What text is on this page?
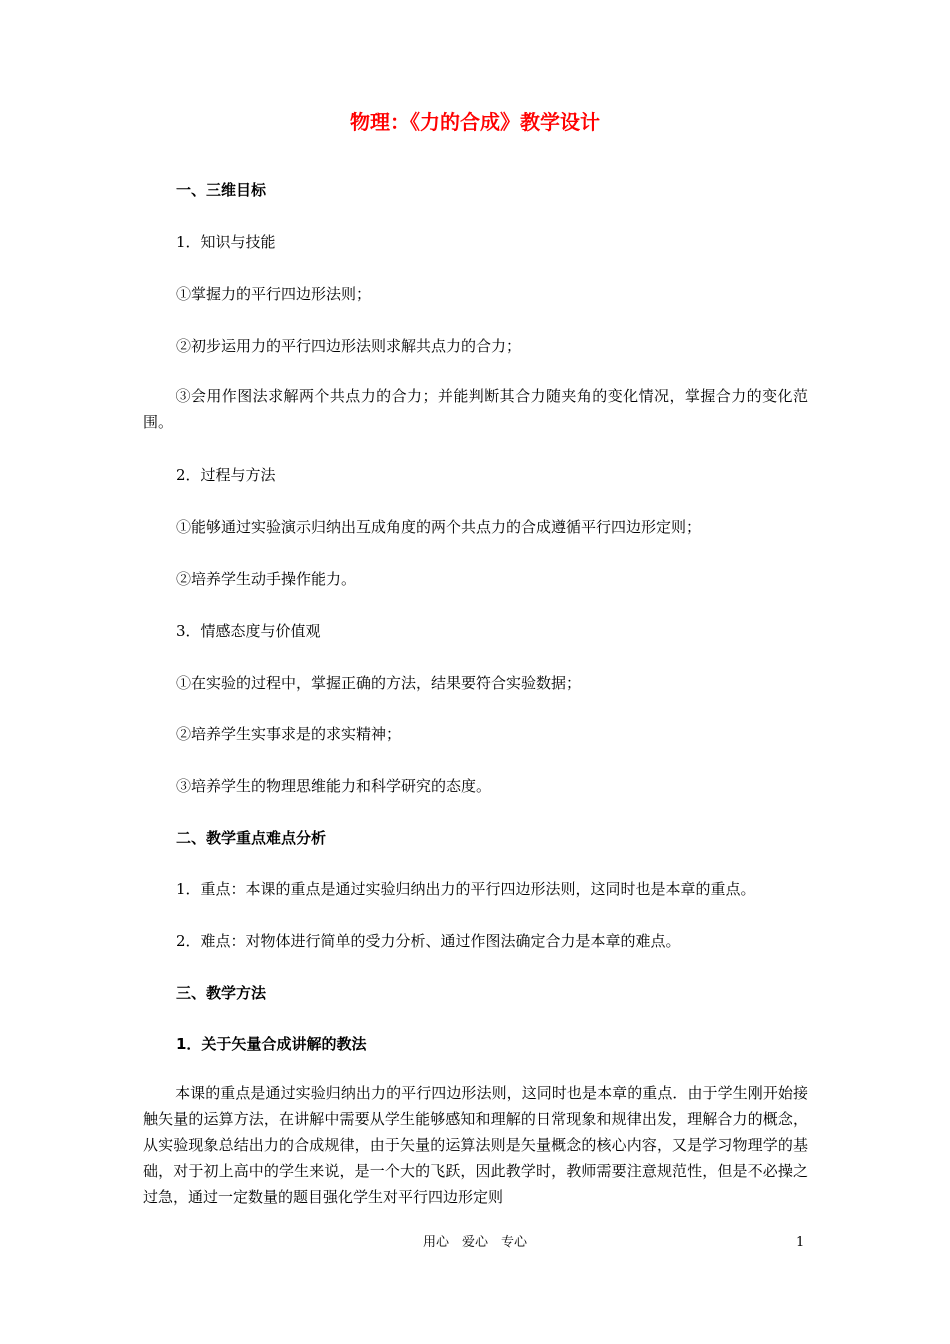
物理：《力的合成》教学设计
一、三维目标
1．知识与技能
①掌握力的平行四边形法则；
②初步运用力的平行四边形法则求解共点力的合力；
③会用作图法求解两个共点力的合力；并能判断其合力随夹角的变化情况，掌握合力的变化范围。
2．过程与方法
①能够通过实验演示归纳出互成角度的两个共点力的合成遵循平行四边形定则；
②培养学生动手操作能力。
3．情感态度与价值观
①在实验的过程中，掌握正确的方法，结果要符合实验数据；
②培养学生实事求是的求实精神；
③培养学生的物理思维能力和科学研究的态度。
二、教学重点难点分析
1．重点：本课的重点是通过实验归纳出力的平行四边形法则，这同时也是本章的重点。
2．难点：对物体进行简单的受力分析、通过作图法确定合力是本章的难点。
三、教学方法
1．关于矢量合成讲解的教法
本课的重点是通过实验归纳出力的平行四边形法则，这同时也是本章的重点．由于学生刚开始接触矢量的运算方法，在讲解中需要从学生能够感知和理解的日常现象和规律出发，理解合力的概念，从实验现象总结出力的合成规律，由于矢量的运算法则是矢量概念的核心内容，又是学习物理学的基础，对于初上高中的学生来说，是一个大的飞跃，因此教学时，教师需要注意规范性，但是不必操之过急，通过一定数量的题目强化学生对平行四边形定则
用心　爱心　专心	1
